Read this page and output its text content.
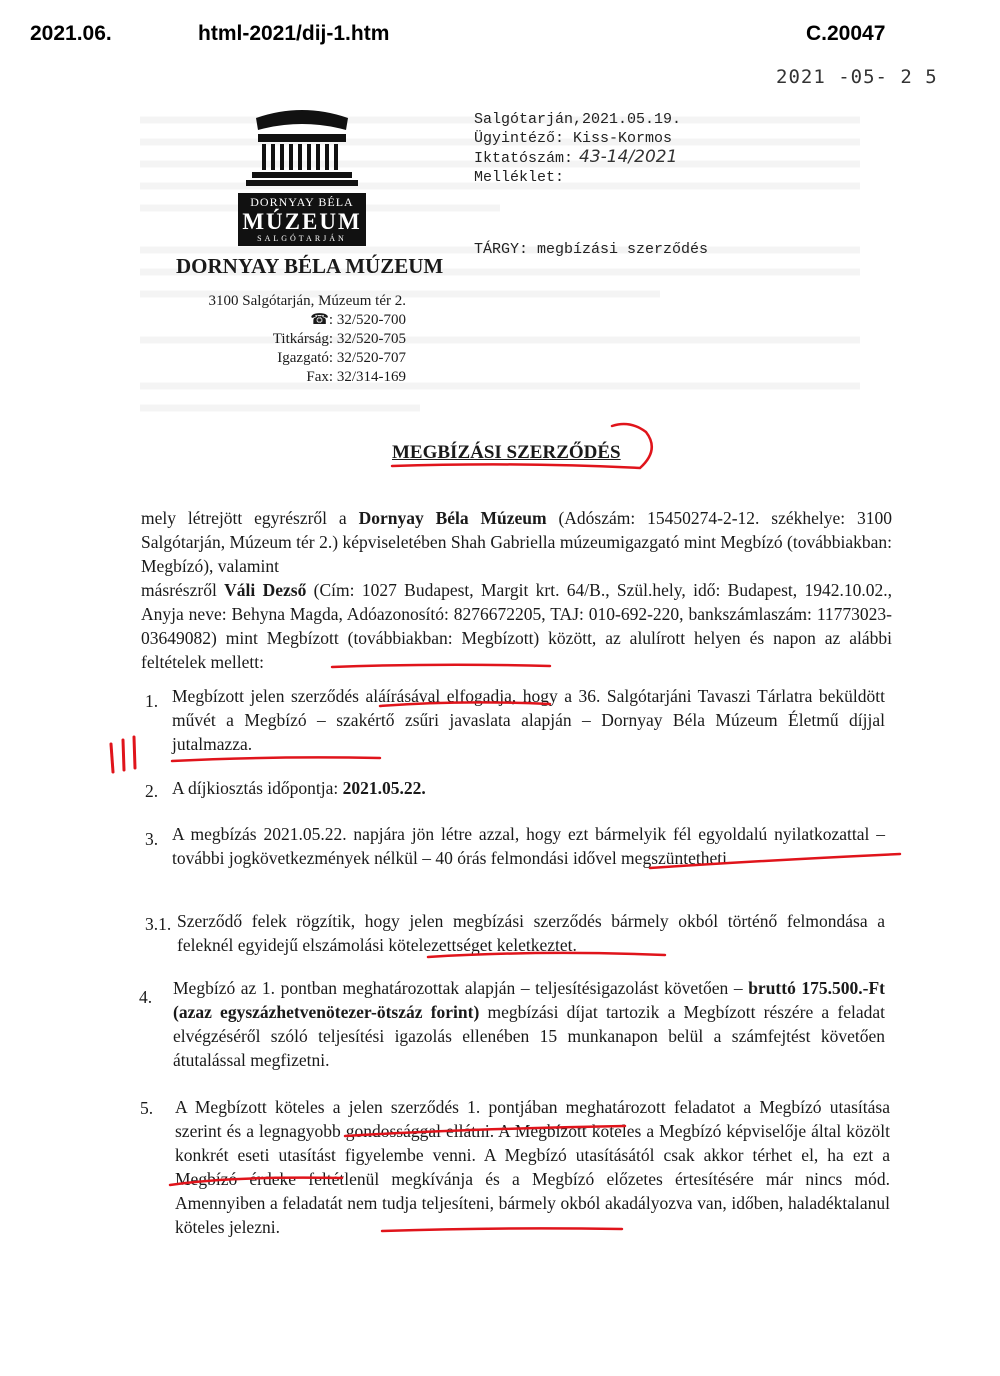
2021.06.	html-2021/dij-1.htm	C.20047
2021 -05- 2 5
DORNYAY BÉLA
MÚZEUM
SALGÓTARJÁN
DORNYAY BÉLA MÚZEUM
3100 Salgótarján, Múzeum tér 2.
☎: 32/520-700
Titkárság: 32/520-705
Igazgató: 32/520-707
Fax: 32/314-169
Salgótarján,2021.05.19.
Ügyintéző: Kiss-Kormos
Iktatószám: 43-14/2021
Melléklet:
TÁRGY: megbízási szerződés
MEGBÍZÁSI SZERZŐDÉS
mely létrejött egyrészről a Dornyay Béla Múzeum (Adószám: 15450274-2-12. székhelye: 3100 Salgótarján, Múzeum tér 2.) képviseletében Shah Gabriella múzeumigazgató mint Megbízó (továbbiakban: Megbízó), valamint
másrészről Váli Dezső (Cím: 1027 Budapest, Margit krt. 64/B., Szül.hely, idő: Budapest, 1942.10.02., Anyja neve: Behyna Magda, Adóazonosító: 8276672205, TAJ: 010-692-220, bankszámlaszám: 11773023-03649082) mint Megbízott (továbbiakban: Megbízott) között, az alulírott helyen és napon az alábbi feltételek mellett:
1. Megbízott jelen szerződés aláírásával elfogadja, hogy a 36. Salgótarjáni Tavaszi Tárlatra beküldött művét a Megbízó – szakértő zsűri javaslata alapján – Dornyay Béla Múzeum Életmű díjjal jutalmazza.
2. A díjkiosztás időpontja: 2021.05.22.
3. A megbízás 2021.05.22. napjára jön létre azzal, hogy ezt bármelyik fél egyoldalú nyilatkozattal – további jogkövetkezmények nélkül – 40 órás felmondási idővel megszüntetheti.
3.1. Szerződő felek rögzítik, hogy jelen megbízási szerződés bármely okból történő felmondása a feleknél egyidejű elszámolási kötelezettséget keletkeztet.
4. Megbízó az 1. pontban meghatározottak alapján – teljesítésigazolást követően – bruttó 175.500.-Ft (azaz egyszázhetvenötezer-ötszáz forint) megbízási díjat tartozik a Megbízott részére a feladat elvégzéséről szóló teljesítési igazolás ellenében 15 munkanapon belül a számfejtést követően átutalással megfizetni.
5. A Megbízott köteles a jelen szerződés 1. pontjában meghatározott feladatot a Megbízó utasítása szerint és a legnagyobb gondossággal ellátni. A Megbízott köteles a Megbízó képviselője által közölt konkrét eseti utasítást figyelembe venni. A Megbízó utasításától csak akkor térhet el, ha ezt a Megbízó érdeke feltétlenül megkívánja és a Megbízó előzetes értesítésére már nincs mód. Amennyiben a feladatát nem tudja teljesíteni, bármely okból akadályozva van, időben, haladéktalanul köteles jelezni.
